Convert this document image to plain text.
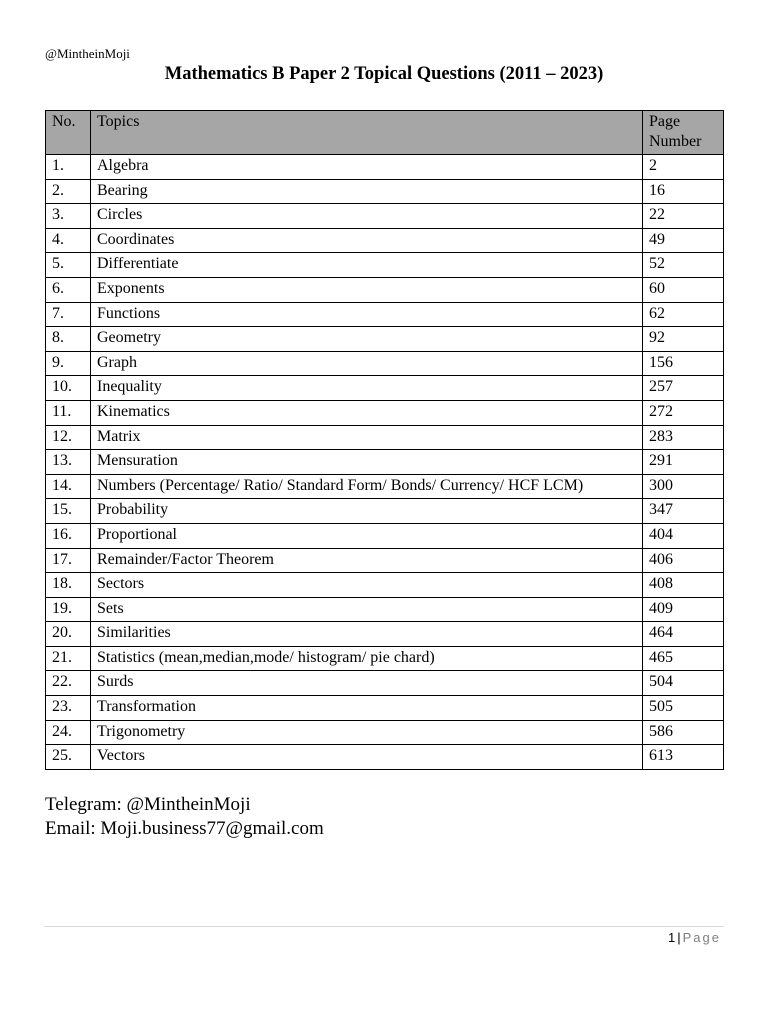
@MintheinMoji
Mathematics B Paper 2 Topical Questions (2011 – 2023)
No.	Topics	Page Number
1.	Algebra	2
2.	Bearing	16
3.	Circles	22
4.	Coordinates	49
5.	Differentiate	52
6.	Exponents	60
7.	Functions	62
8.	Geometry	92
9.	Graph	156
10.	Inequality	257
11.	Kinematics	272
12.	Matrix	283
13.	Mensuration	291
14.	Numbers (Percentage/ Ratio/ Standard Form/ Bonds/ Currency/ HCF LCM)	300
15.	Probability	347
16.	Proportional	404
17.	Remainder/Factor Theorem	406
18.	Sectors	408
19.	Sets	409
20.	Similarities	464
21.	Statistics (mean,median,mode/ histogram/ pie chard)	465
22.	Surds	504
23.	Transformation	505
24.	Trigonometry	586
25.	Vectors	613
Telegram: @MintheinMoji
Email: Moji.business77@gmail.com
1 | Page
